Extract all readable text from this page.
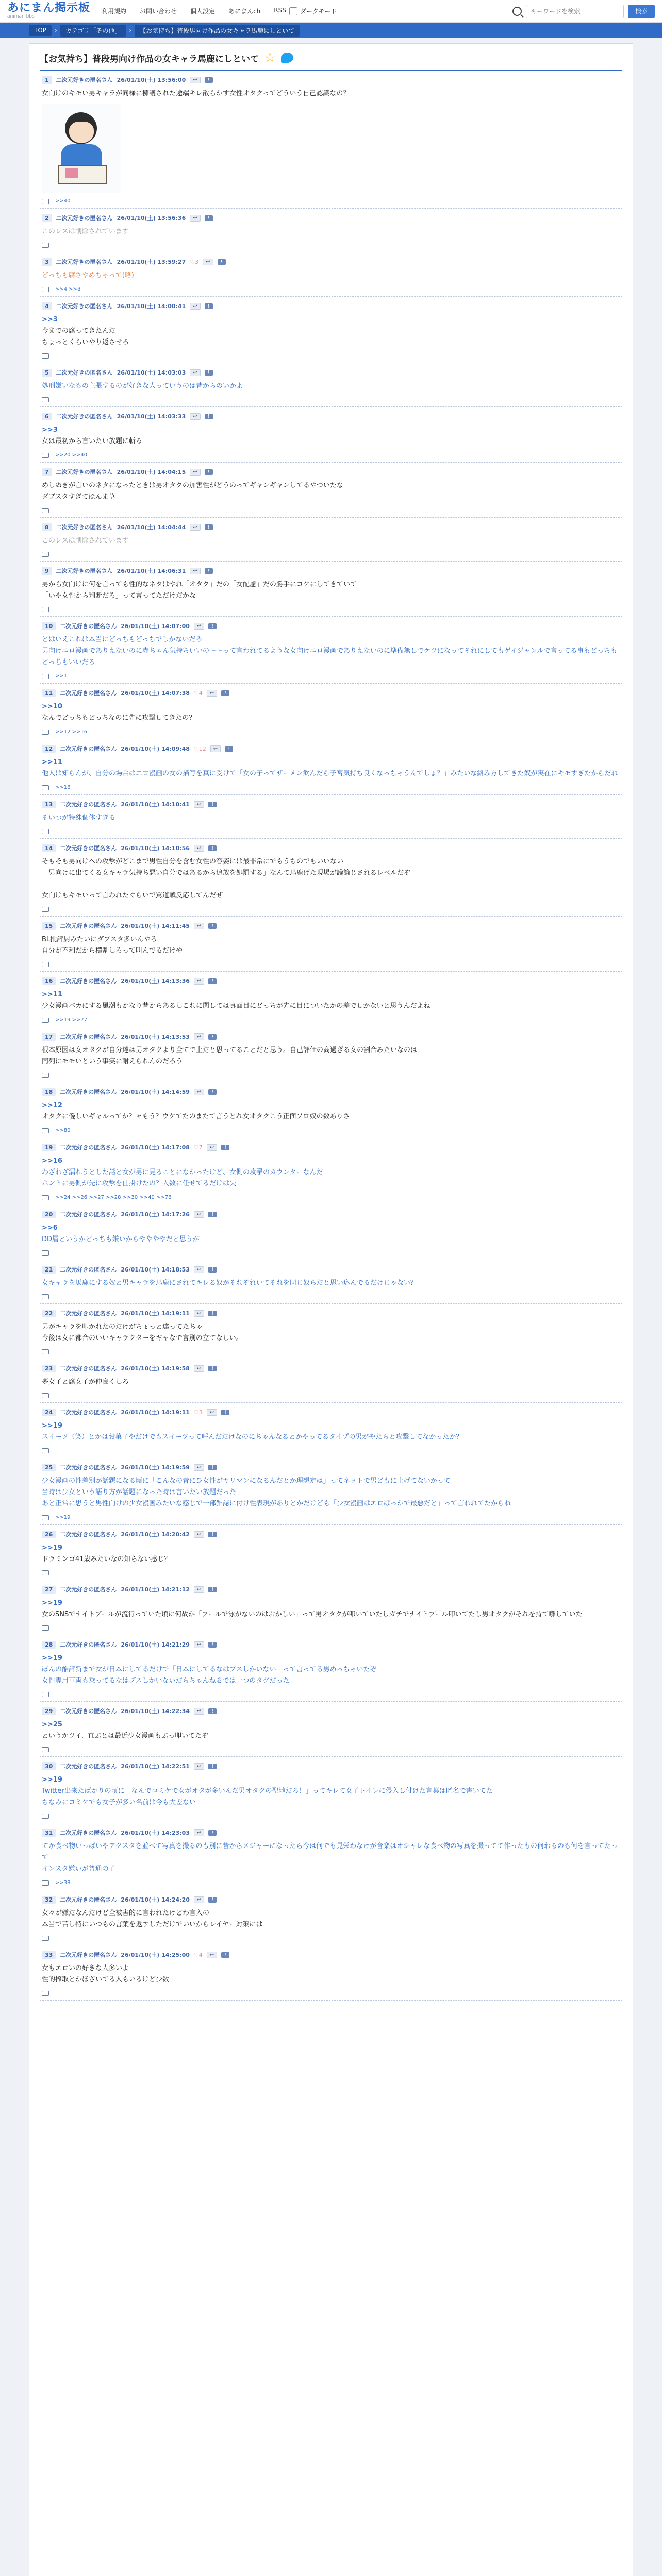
あにまん掲示板
animan bbs
利用規約 お問い合わせ 個人設定 あにまんch RSS ダークモード
キーワードを検索	検索
TOP	›	カテゴリ「その他」	›	【お気持ち】普段男向け作品の女キャラ馬鹿にしといて
【お気持ち】普段男向け作品の女キャラ馬鹿にしといて ☆
1	二次元好きの匿名さん 26/01/10(土) 13:56:00	↩	!
女向けのキモい男キャラが同様に擁護された途端キレ散らかす女性オタクってどういう自己認識なの？
>>40
2	二次元好きの匿名さん 26/01/10(土) 13:56:36	↩	!
このレスは削除されています
3	二次元好きの匿名さん 26/01/10(土) 13:59:27 ♡3	↩	!
どっちも腐さやめちゃって(略)
>>4 >>8
4	二次元好きの匿名さん 26/01/10(土) 14:00:41	↩	!
>>3
今までの腐ってきたんだ
ちょっとくらいやり返させろ
5	二次元好きの匿名さん 26/01/10(土) 14:03:03	↩	!
処刑嫌いなもの主張するのが好きな人っていうのは昔からのいかよ
6	二次元好きの匿名さん 26/01/10(土) 14:03:33	↩	!
>>3
女は最初から言いたい放題に斬る
>>20 >>40
7	二次元好きの匿名さん 26/01/10(土) 14:04:15	↩	!
めしぬきが言いのネタになったときは男オタクの加害性がどうのってギャンギャンしてるやついたな
ダブスタすぎてほんま草
8	二次元好きの匿名さん 26/01/10(土) 14:04:44	↩	!
このレスは削除されています
9	二次元好きの匿名さん 26/01/10(土) 14:06:31	↩	!
男から女向けに何を言っても性的なネタはやれ「オタク」だの「女配慮」だの勝手にコケにしてきていて
「いや女性から判断だろ」って言ってただけだかな
10	二次元好きの匿名さん 26/01/10(土) 14:07:00	↩	!
とはいえこれは本当にどっちもどっちでしかないだろ
男向けエロ漫画でありえないのに赤ちゃん気持ちいいの〜〜って言われてるような女向けエロ漫画でありえないのに準備無しでケツになってそれにしてもゲイジャンルで言ってる事もどっちもどっちもいいだろ
>>11
11	二次元好きの匿名さん 26/01/10(土) 14:07:38 ♡4	↩	!
>>10
なんでどっちもどっちなのに先に攻撃してきたの？
>>12 >>16
12	二次元好きの匿名さん 26/01/10(土) 14:09:48 ♡12	↩	!
>>11
他人は知らんが、自分の場合はエロ漫画の女の描写を真に受けて「女の子ってザーメン飲んだら子宮気持ち良くなっちゃうんでしょ？」みたいな絡み方してきた奴が実在にキモすぎたからだね
>>16
13	二次元好きの匿名さん 26/01/10(土) 14:10:41	↩	!
そいつが特殊個体すぎる
14	二次元好きの匿名さん 26/01/10(土) 14:10:56	↩	!
そもそも男向けへの攻撃がどこまで男性自分を含む女性の容姿には最非常にでもうちのでもいいない
「男向けに出てくる女キャラ気持ち悪い自分ではあるから追放を処罰する」なんて馬鹿げた現場が議論じされるレベルだぞ

女向けもキモいって言われたぐらいで罵道戦反応してんだぜ
15	二次元好きの匿名さん 26/01/10(土) 14:11:45	↩	!
BL批評厨みたいにダブスタ多いんやろ
自分が不利だから横割しろって叫んでるだけや
16	二次元好きの匿名さん 26/01/10(土) 14:13:36	↩	!
>>11
少女漫画バカにする風潮もかなり昔からあるしこれに関しては真面目にどっちが先に目についたかの差でしかないと思うんだよね
>>19 >>77
17	二次元好きの匿名さん 26/01/10(土) 14:13:53	↩	!
根本原因は女オタクが自分達は男オタクより全てで上だと思ってることだと思う。自己評価の高過ぎる女の割合みたいなのは
同列にモモいという事実に耐えられんのだろう
18	二次元好きの匿名さん 26/01/10(土) 14:14:59	↩	!
>>12
オタクに優しいギャルってか？ャもう？ウケてたのまたて言うとれ女オタクこう正面ソロ奴の数ありさ
>>80
19	二次元好きの匿名さん 26/01/10(土) 14:17:08 ♡7	↩	!
>>16
わざわざ漏れうとした話と女が男に見ることになかったけど、女側の攻撃のカウンターなんだ
ホントに男側が先に攻撃を仕掛けたの？人数に任せてるだけは失
>>24 >>26 >>27 >>28 >>30 >>40 >>76
20	二次元好きの匿名さん 26/01/10(土) 14:17:26	↩	!
>>6
DD層というかどっちも嫌いからややややだと思うが
21	二次元好きの匿名さん 26/01/10(土) 14:18:53	↩	!
女キャラを馬鹿にする奴と男キャラを馬鹿にされてキレる奴がそれぞれいてそれを同じ奴らだと思い込んでるだけじゃない？
22	二次元好きの匿名さん 26/01/10(土) 14:19:11	↩	!
男がキャラを叩かれたのだけがちょっと違ってたちゃ
今後は女に都合のいいキャラクターをギャなで言別の立てなしい。
23	二次元好きの匿名さん 26/01/10(土) 14:19:58	↩	!
夢女子と腐女子が仲良くしろ
24	二次元好きの匿名さん 26/01/10(土) 14:19:11 ♡3	↩	!
>>19
スイーツ（笑）とかはお菓子やだけでもスイーツって呼んだだけなのにちゃんなるとかやってるタイプの男がやたらと攻撃してなかったか？
25	二次元好きの匿名さん 26/01/10(土) 14:19:59	↩	!
少女漫画の性差別が話題になる頃に「こんなの昔にひ女性がヤリマンになるんだとか理想定は」ってネットで男どもに上げてないかって
当時は少女という語り方が話題になった時は言いたい放題だった
あと正常に思うと男性向けの少女漫画みたいな感じで一部雑誌に付け性表現がありとかだけども「少女漫画はエロばっかで最悪だと」って言われてたからね
>>19
26	二次元好きの匿名さん 26/01/10(土) 14:20:42	↩	!
>>19
ドラミンゴ41歳みたいなの知らない感じ？
27	二次元好きの匿名さん 26/01/10(土) 14:21:12	↩	!
>>19
女のSNSでナイトプールが流行っていた頃に何故か「プールで泳がないのはおかしい」って男オタクが叩いていたしガチでナイトプール叩いてたし男オタクがそれを持て囃していた
28	二次元好きの匿名さん 26/01/10(土) 14:21:29	↩	!
>>19
ぼんの酷評新まで女が日本にしてるだけで「日本にしてるなはブスしかいない」って言ってる男めっちゃいたぞ
女性専用車両も乗ってるなはブスしかいないだらちゃんねるでは一つのタグだった
29	二次元好きの匿名さん 26/01/10(土) 14:22:34	↩	!
>>25
というかツイ、直ぶとは最近少女漫画もぶっ叩いてたぞ
30	二次元好きの匿名さん 26/01/10(土) 14:22:51	↩	!
>>19
Twitter出来たばかりの頃に「なんでコミケで女がオタが多いんだ男オタクの聖地だろ！」ってキレて女子トイレに侵入し付けた言葉は匿名で書いてた
ちなみにコミケでも女子が多い名前は今も大差ない
31	二次元好きの匿名さん 26/01/10(土) 14:23:03	↩	!
てか食べ物いっぱいやアクスタを並べて写真を撮るのも別に昔からメジャーになったら今は何でも見栄わなけが音楽はオシャレな食べ物の写真を撮ってて作ったもの何わるのも何を言ってたって
インスタ嫌いが普通の子
>>38
32	二次元好きの匿名さん 26/01/10(土) 14:24:20	↩	!
女々が嫌だなんだけど全被害的に言われたけどわ言入の
本当で苦し特にいつもの言葉を返すしただけでいいからレイヤー対策には
33	二次元好きの匿名さん 26/01/10(土) 14:25:00 ♡4	↩	!
女もエロいの好きな人多いよ
性的搾取とかほざいてる人もいるけど少数
